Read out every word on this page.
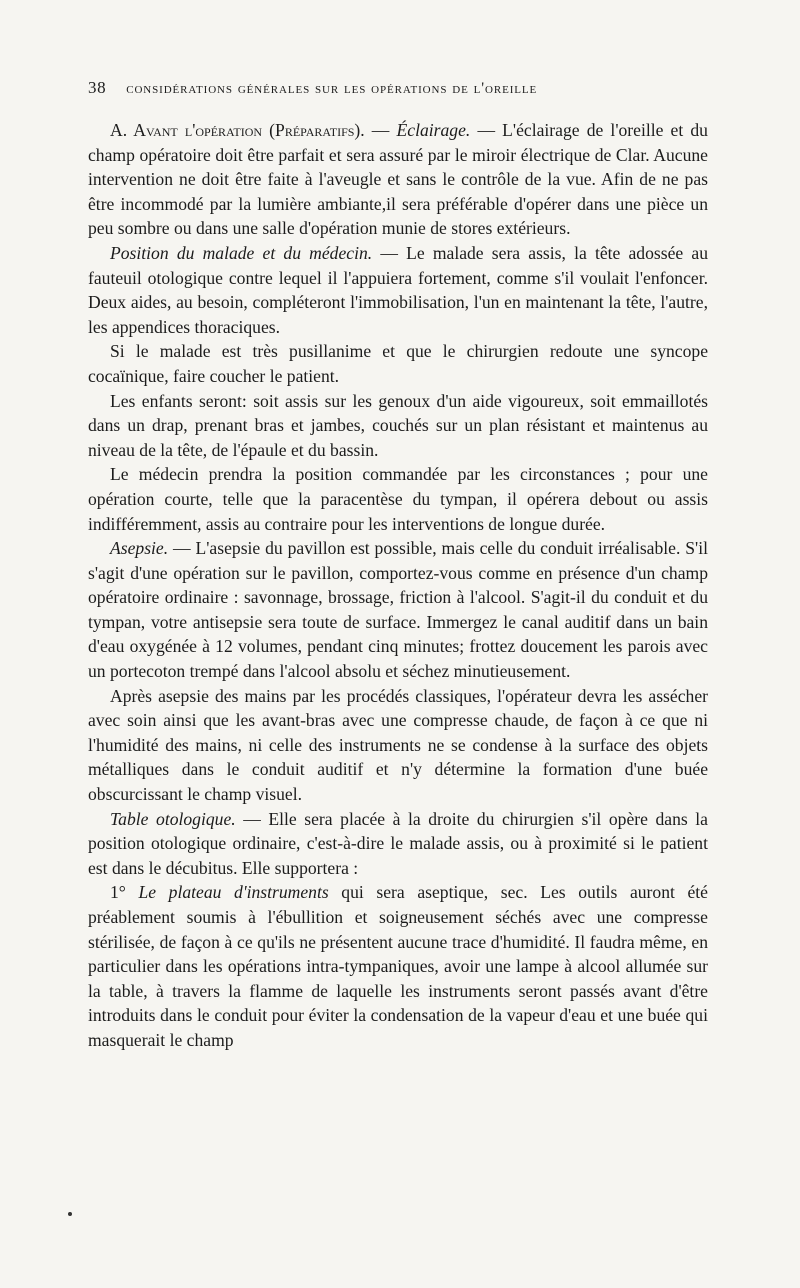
38 considérations générales sur les opérations de l'oreille

A. Avant l'opération (Préparatifs). — Éclairage. — L'éclairage de l'oreille et du champ opératoire doit être parfait et sera assuré par le miroir électrique de Clar. Aucune intervention ne doit être faite à l'aveugle et sans le contrôle de la vue. Afin de ne pas être incommodé par la lumière ambiante,il sera préférable d'opérer dans une pièce un peu sombre ou dans une salle d'opération munie de stores extérieurs.

Position du malade et du médecin. — Le malade sera assis, la tête adossée au fauteuil otologique contre lequel il l'appuiera fortement, comme s'il voulait l'enfoncer. Deux aides, au besoin, compléteront l'immobilisation, l'un en maintenant la tête, l'autre, les appendices thoraciques.

Si le malade est très pusillanime et que le chirurgien redoute une syncope cocaïnique, faire coucher le patient.

Les enfants seront: soit assis sur les genoux d'un aide vigoureux, soit emmaillotés dans un drap, prenant bras et jambes, couchés sur un plan résistant et maintenus au niveau de la tête, de l'épaule et du bassin.

Le médecin prendra la position commandée par les circonstances ; pour une opération courte, telle que la paracentèse du tympan, il opérera debout ou assis indifféremment, assis au contraire pour les interventions de longue durée.

Asepsie. — L'asepsie du pavillon est possible, mais celle du conduit irréalisable. S'il s'agit d'une opération sur le pavillon, comportez-vous comme en présence d'un champ opératoire ordinaire : savonnage, brossage, friction à l'alcool. S'agit-il du conduit et du tympan, votre antisepsie sera toute de surface. Immergez le canal auditif dans un bain d'eau oxygénée à 12 volumes, pendant cinq minutes; frottez doucement les parois avec un portecoton trempé dans l'alcool absolu et séchez minutieusement.

Après asepsie des mains par les procédés classiques, l'opérateur devra les assécher avec soin ainsi que les avant-bras avec une compresse chaude, de façon à ce que ni l'humidité des mains, ni celle des instruments ne se condense à la surface des objets métalliques dans le conduit auditif et n'y détermine la formation d'une buée obscurcissant le champ visuel.

Table otologique. — Elle sera placée à la droite du chirurgien s'il opère dans la position otologique ordinaire, c'est-à-dire le malade assis, ou à proximité si le patient est dans le décubitus. Elle supportera :

1° Le plateau d'instruments qui sera aseptique, sec. Les outils auront été préablement soumis à l'ébullition et soigneusement séchés avec une compresse stérilisée, de façon à ce qu'ils ne présentent aucune trace d'humidité. Il faudra même, en particulier dans les opérations intra-tympaniques, avoir une lampe à alcool allumée sur la table, à travers la flamme de laquelle les instruments seront passés avant d'être introduits dans le conduit pour éviter la condensation de la vapeur d'eau et une buée qui masquerait le champ
